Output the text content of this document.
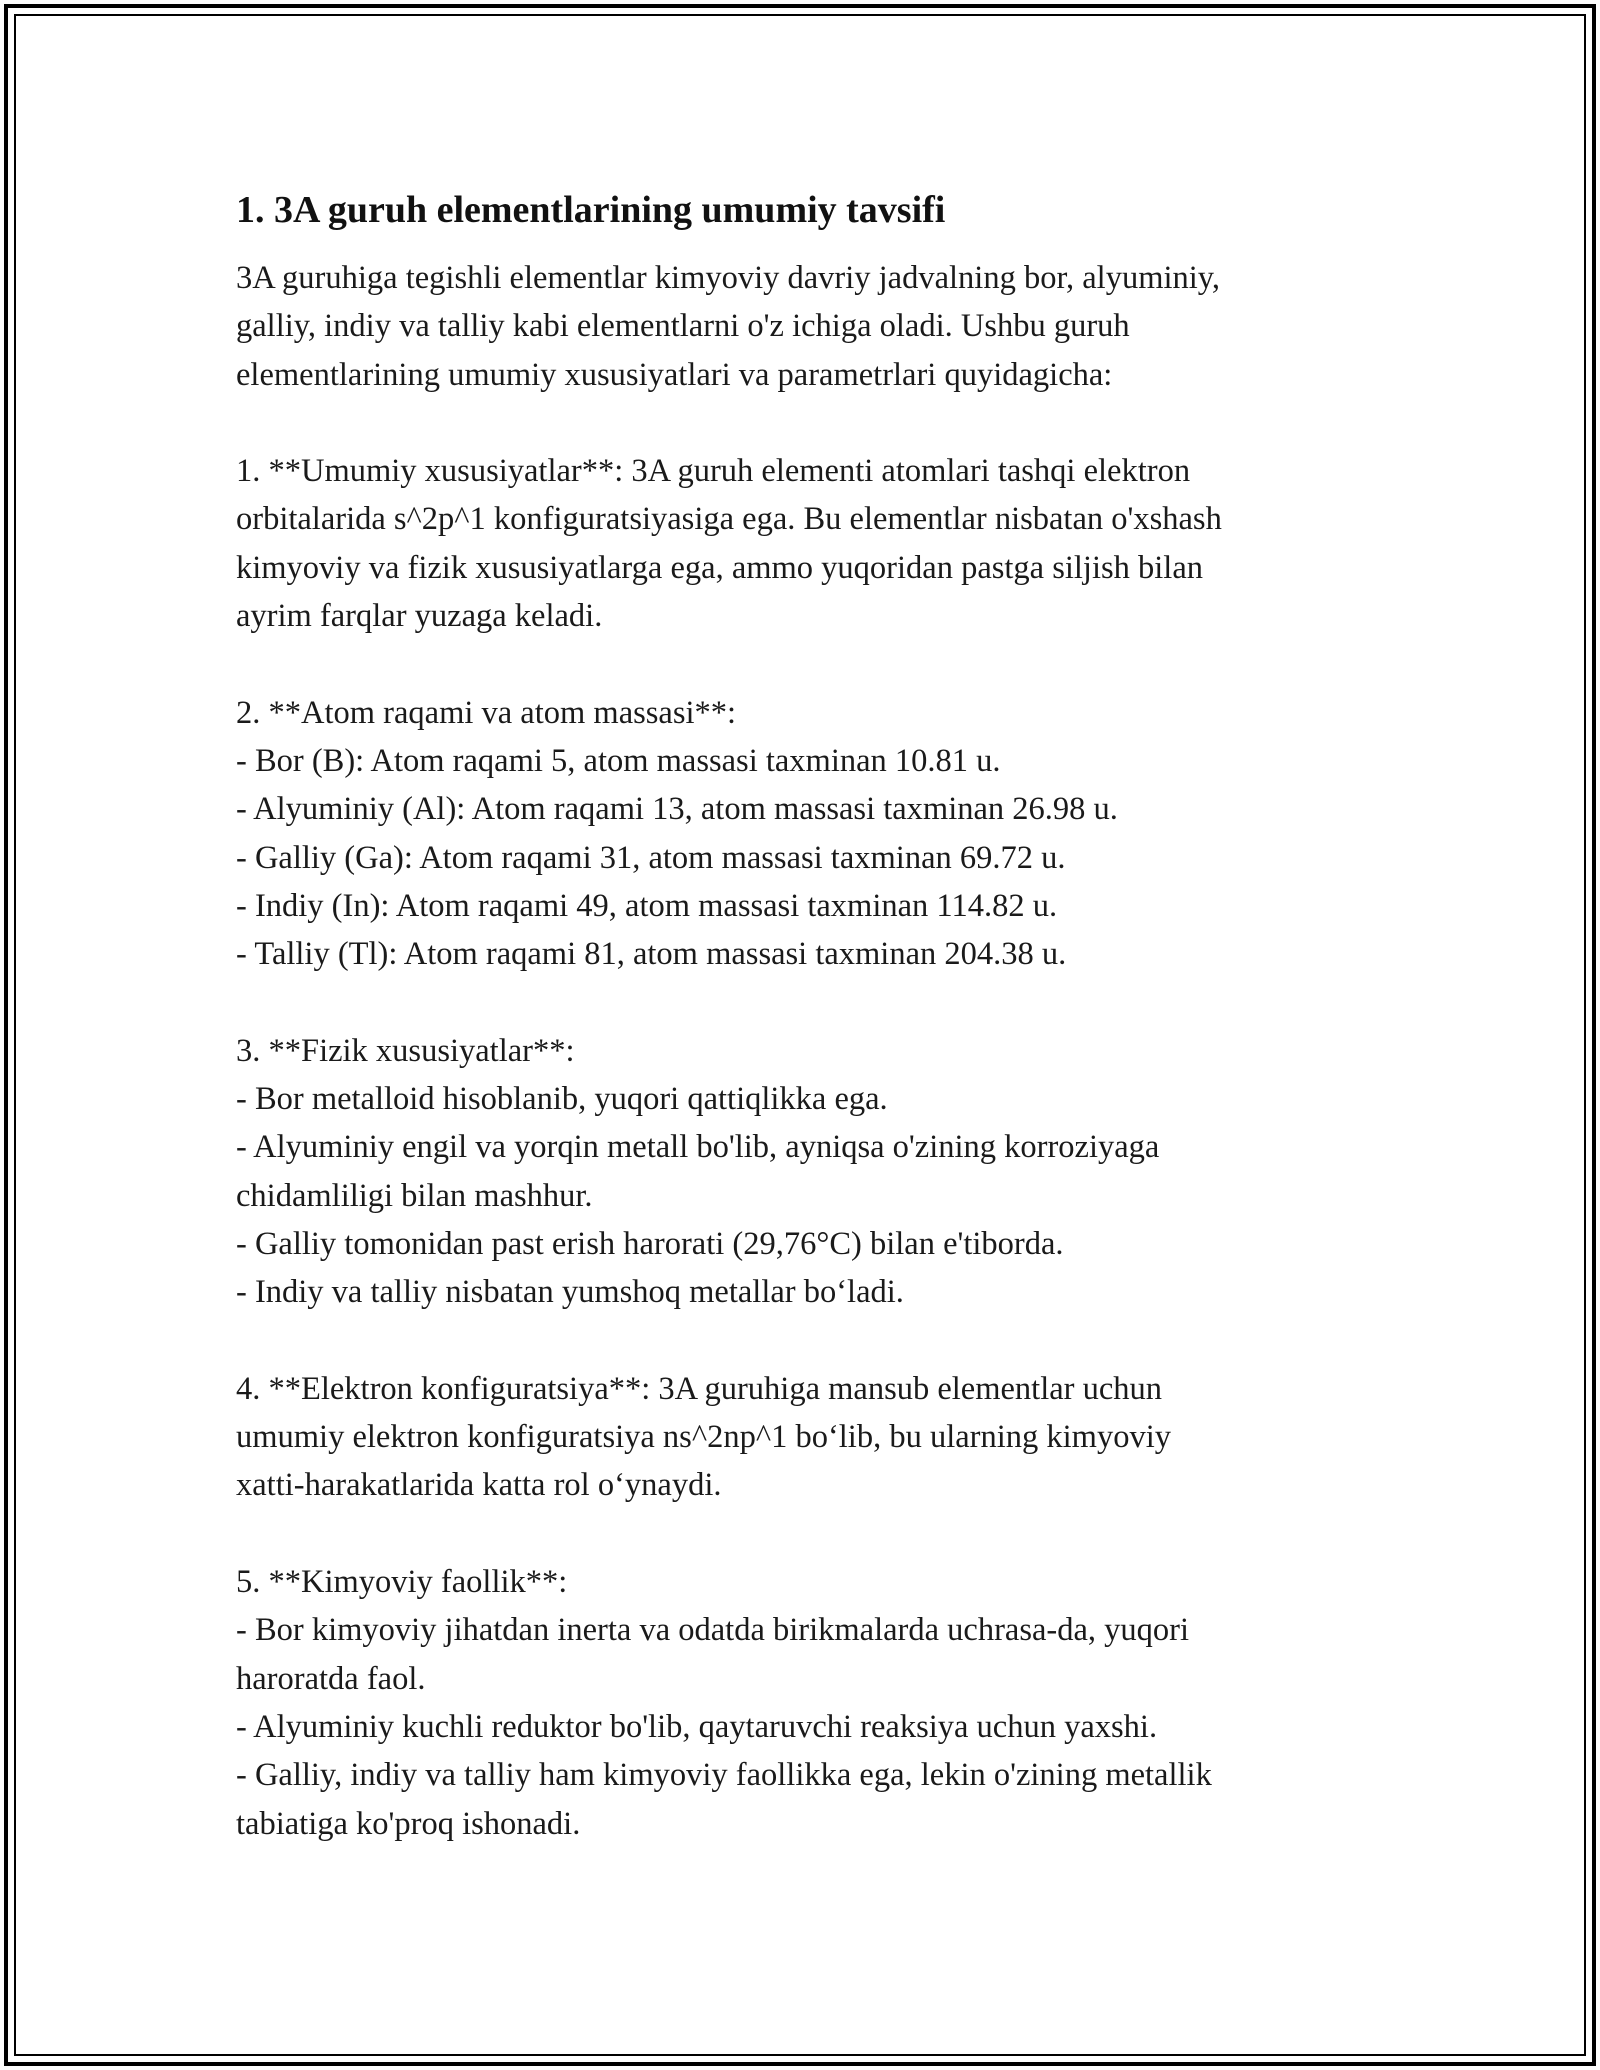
1. 3A guruh elementlarining umumiy tavsifi

3A guruhiga tegishli elementlar kimyoviy davriy jadvalning bor, alyuminiy,
galliy, indiy va talliy kabi elementlarni o'z ichiga oladi. Ushbu guruh
elementlarining umumiy xususiyatlari va parametrlari quyidagicha:

1. **Umumiy xususiyatlar**: 3A guruh elementi atomlari tashqi elektron
orbitalarida s^2p^1 konfiguratsiyasiga ega. Bu elementlar nisbatan o'xshash
kimyoviy va fizik xususiyatlarga ega, ammo yuqoridan pastga siljish bilan
ayrim farqlar yuzaga keladi.

2. **Atom raqami va atom massasi**:
- Bor (B): Atom raqami 5, atom massasi taxminan 10.81 u.
- Alyuminiy (Al): Atom raqami 13, atom massasi taxminan 26.98 u.
- Galliy (Ga): Atom raqami 31, atom massasi taxminan 69.72 u.
- Indiy (In): Atom raqami 49, atom massasi taxminan 114.82 u.
- Talliy (Tl): Atom raqami 81, atom massasi taxminan 204.38 u.

3. **Fizik xususiyatlar**:
- Bor metalloid hisoblanib, yuqori qattiqlikka ega.
- Alyuminiy engil va yorqin metall bo'lib, ayniqsa o'zining korroziyaga
chidamliligi bilan mashhur.
- Galliy tomonidan past erish harorati (29,76°C) bilan e'tiborda.
- Indiy va talliy nisbatan yumshoq metallar bo‘ladi.

4. **Elektron konfiguratsiya**: 3A guruhiga mansub elementlar uchun
umumiy elektron konfiguratsiya ns^2np^1 bo‘lib, bu ularning kimyoviy
xatti-harakatlarida katta rol o‘ynaydi.

5. **Kimyoviy faollik**:
- Bor kimyoviy jihatdan inerta va odatda birikmalarda uchrasa-da, yuqori
haroratda faol.
- Alyuminiy kuchli reduktor bo'lib, qaytaruvchi reaksiya uchun yaxshi.
- Galliy, indiy va talliy ham kimyoviy faollikka ega, lekin o'zining metallik
tabiatiga ko'proq ishonadi.
